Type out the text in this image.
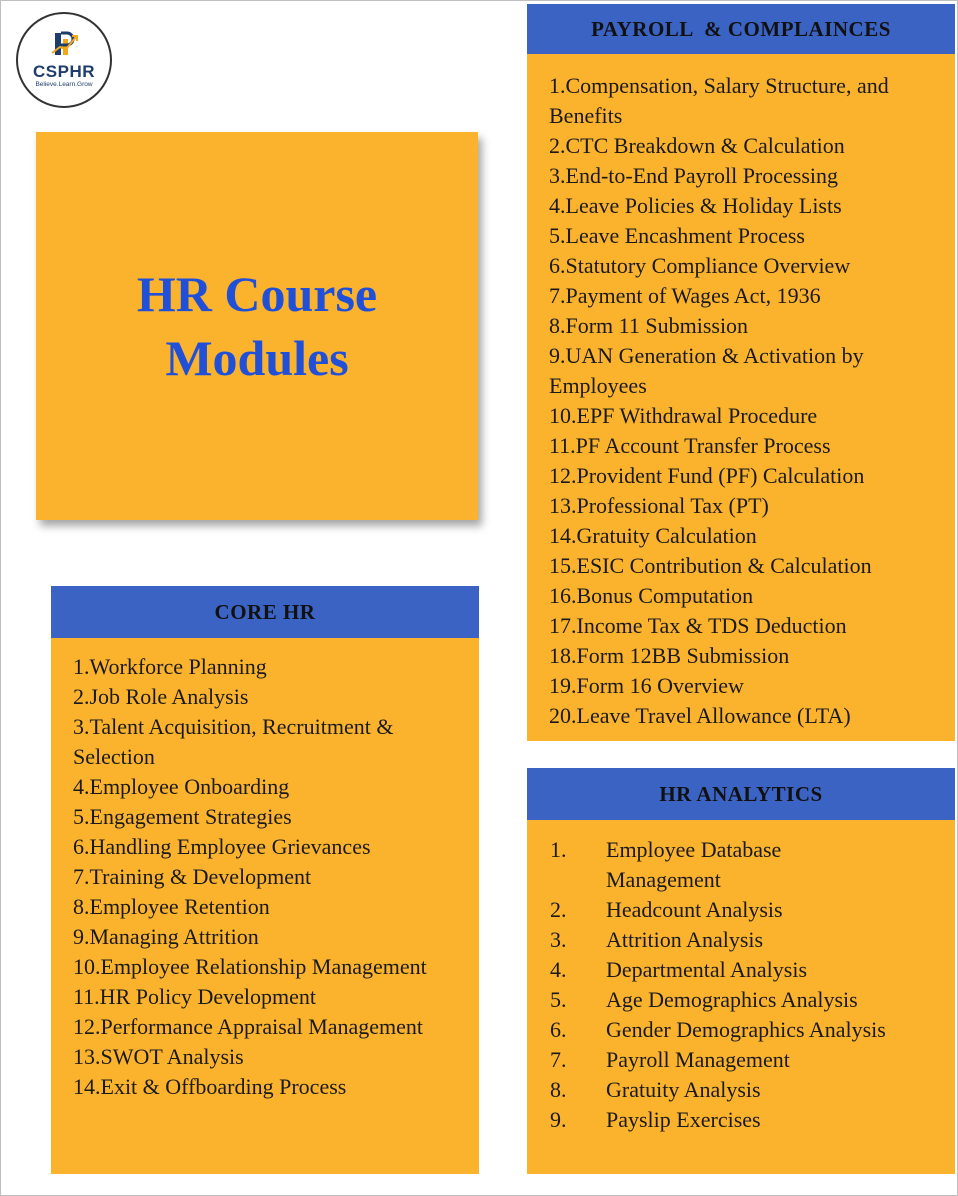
CSPHR
Believe.Learn.Grow
HR Course
Modules
PAYROLL  & COMPLAINCES
1.Compensation, Salary Structure, and Benefits
2.CTC Breakdown & Calculation
3.End-to-End Payroll Processing
4.Leave Policies & Holiday Lists
5.Leave Encashment Process
6.Statutory Compliance Overview
7.Payment of Wages Act, 1936
8.Form 11 Submission
9.UAN Generation & Activation by Employees
10.EPF Withdrawal Procedure
11.PF Account Transfer Process
12.Provident Fund (PF) Calculation
13.Professional Tax (PT)
14.Gratuity Calculation
15.ESIC Contribution & Calculation
16.Bonus Computation
17.Income Tax & TDS Deduction
18.Form 12BB Submission
19.Form 16 Overview
20.Leave Travel Allowance (LTA)
CORE HR
1.Workforce Planning
2.Job Role Analysis
3.Talent Acquisition, Recruitment & Selection
4.Employee Onboarding
5.Engagement Strategies
6.Handling Employee Grievances
7.Training & Development
8.Employee Retention
9.Managing Attrition
10.Employee Relationship Management
11.HR Policy Development
12.Performance Appraisal Management
13.SWOT Analysis
14.Exit & Offboarding Process
HR ANALYTICS
1.	Employee Database Management
2.	Headcount Analysis
3.	Attrition Analysis
4.	Departmental Analysis
5.	Age Demographics Analysis
6.	Gender Demographics Analysis
7.	Payroll Management
8.	Gratuity Analysis
9.	Payslip Exercises
